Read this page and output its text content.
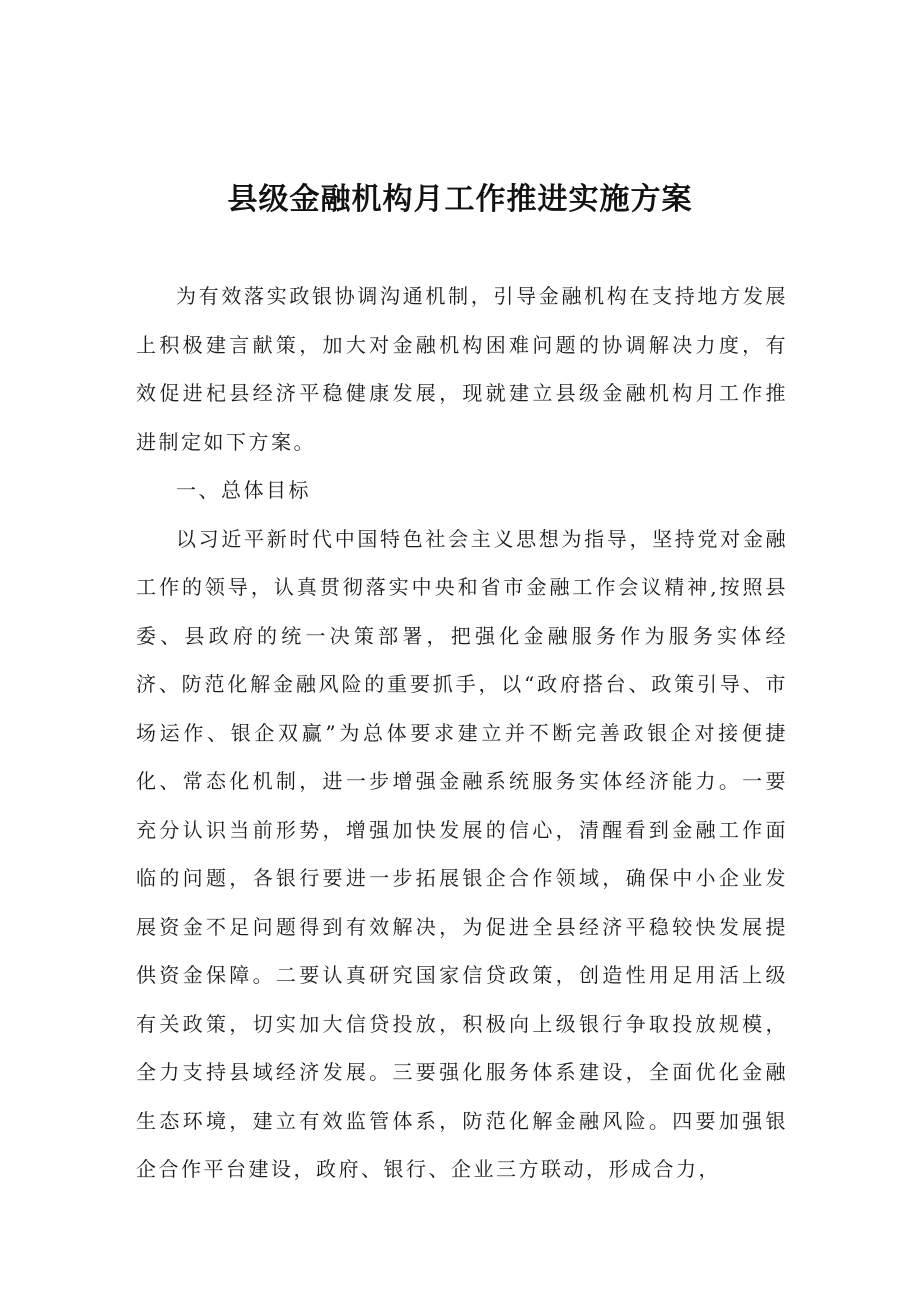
县级金融机构月工作推进实施方案

为有效落实政银协调沟通机制，引导金融机构在支持地方发展上积极建言献策，加大对金融机构困难问题的协调解决力度，有效促进杞县经济平稳健康发展，现就建立县级金融机构月工作推进制定如下方案。

一、总体目标

以习近平新时代中国特色社会主义思想为指导，坚持党对金融工作的领导，认真贯彻落实中央和省市金融工作会议精神,按照县委、县政府的统一决策部署，把强化金融服务作为服务实体经济、防范化解金融风险的重要抓手，以“政府搭台、政策引导、市场运作、银企双赢”为总体要求建立并不断完善政银企对接便捷化、常态化机制，进一步增强金融系统服务实体经济能力。一要充分认识当前形势，增强加快发展的信心，清醒看到金融工作面临的问题，各银行要进一步拓展银企合作领域，确保中小企业发展资金不足问题得到有效解决，为促进全县经济平稳较快发展提供资金保障。二要认真研究国家信贷政策，创造性用足用活上级有关政策，切实加大信贷投放，积极向上级银行争取投放规模，全力支持县域经济发展。三要强化服务体系建设，全面优化金融生态环境，建立有效监管体系，防范化解金融风险。四要加强银企合作平台建设，政府、银行、企业三方联动，形成合力，
